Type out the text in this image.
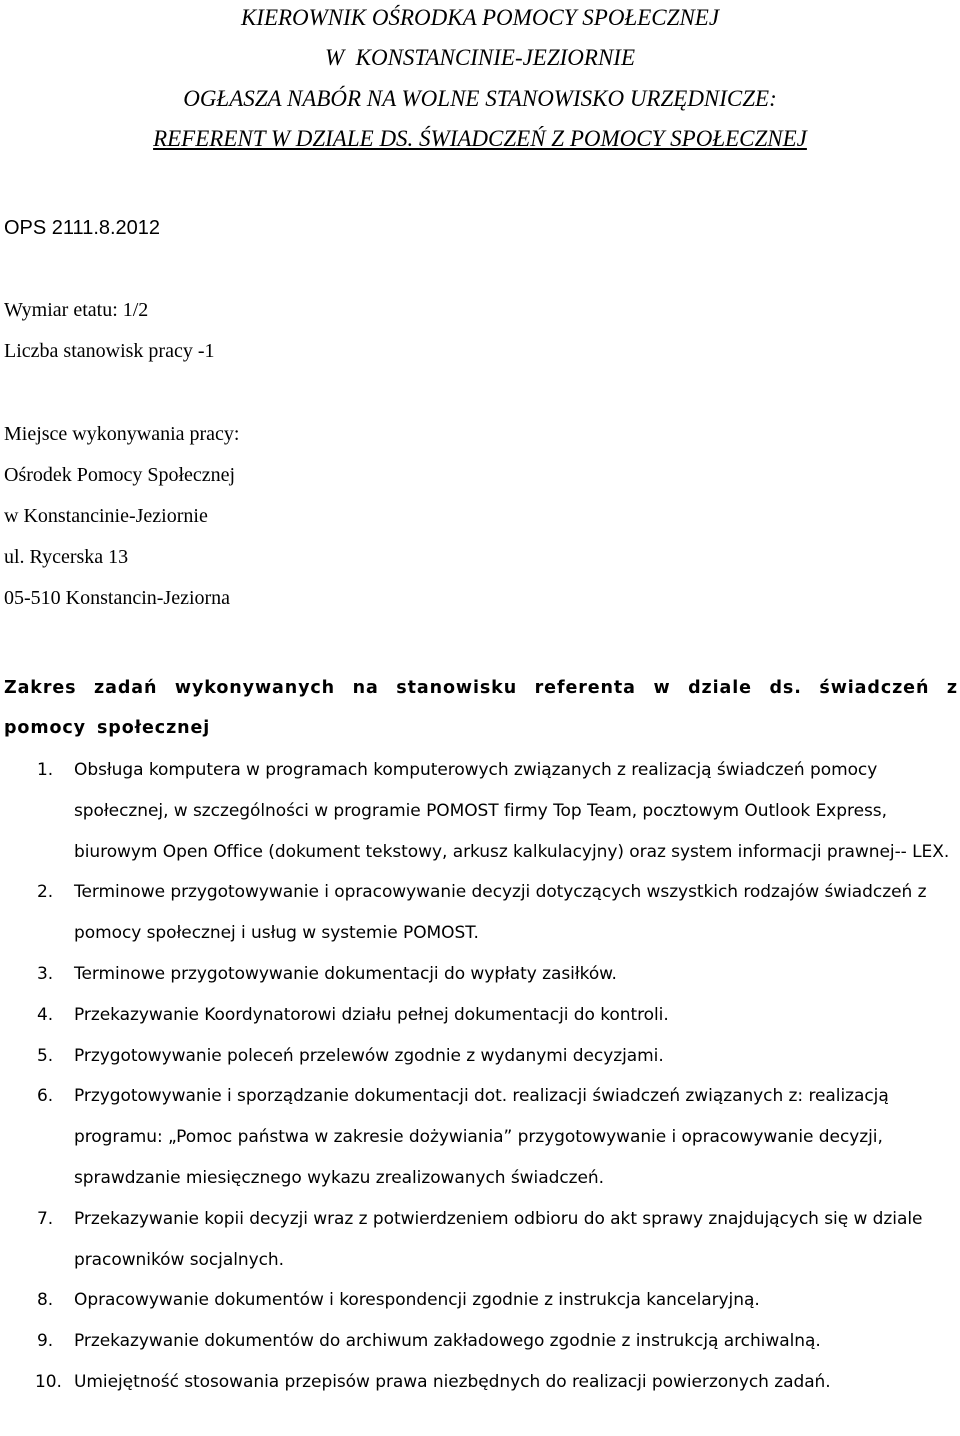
KIEROWNIK OŚRODKA POMOCY SPOŁECZNEJ

W  KONSTANCINIE-JEZIORNIE

OGŁASZA NABÓR NA WOLNE STANOWISKO URZĘDNICZE:

REFERENT W DZIALE DS. ŚWIADCZEŃ Z POMOCY SPOŁECZNEJ

OPS 2111.8.2012
Wymiar etatu: 1/2
Liczba stanowisk pracy -1
Miejsce wykonywania pracy:
Ośrodek Pomocy Społecznej
w Konstancinie-Jeziornie
ul. Rycerska 13
05-510 Konstancin-Jeziorna
Zakres zadań wykonywanych na stanowisku referenta w dziale ds. świadczeń z pomocy społecznej
1. Obsługa komputera w programach komputerowych związanych z realizacją świadczeń pomocy społecznej, w szczególności w programie POMOST firmy Top Team, pocztowym Outlook Express, biurowym Open Office (dokument tekstowy, arkusz kalkulacyjny) oraz system informacji prawnej-- LEX.
2. Terminowe przygotowywanie i opracowywanie decyzji dotyczących wszystkich rodzajów świadczeń z pomocy społecznej i usług w systemie POMOST.
3. Terminowe przygotowywanie dokumentacji do wypłaty zasiłków.
4. Przekazywanie Koordynatorowi działu pełnej dokumentacji do kontroli.
5. Przygotowywanie poleceń przelewów zgodnie z wydanymi decyzjami.
6. Przygotowywanie i sporządzanie dokumentacji dot. realizacji świadczeń związanych z: realizacją programu: „Pomoc państwa w zakresie dożywiania” przygotowywanie i opracowywanie decyzji, sprawdzanie miesięcznego wykazu zrealizowanych świadczeń.
7. Przekazywanie kopii decyzji wraz z potwierdzeniem odbioru do akt sprawy znajdujących się w dziale pracowników socjalnych.
8. Opracowywanie dokumentów i korespondencji zgodnie z instrukcja kancelaryjną.
9. Przekazywanie dokumentów do archiwum zakładowego zgodnie z instrukcją archiwalną.
10. Umiejętność stosowania przepisów prawa niezbędnych do realizacji powierzonych zadań.
